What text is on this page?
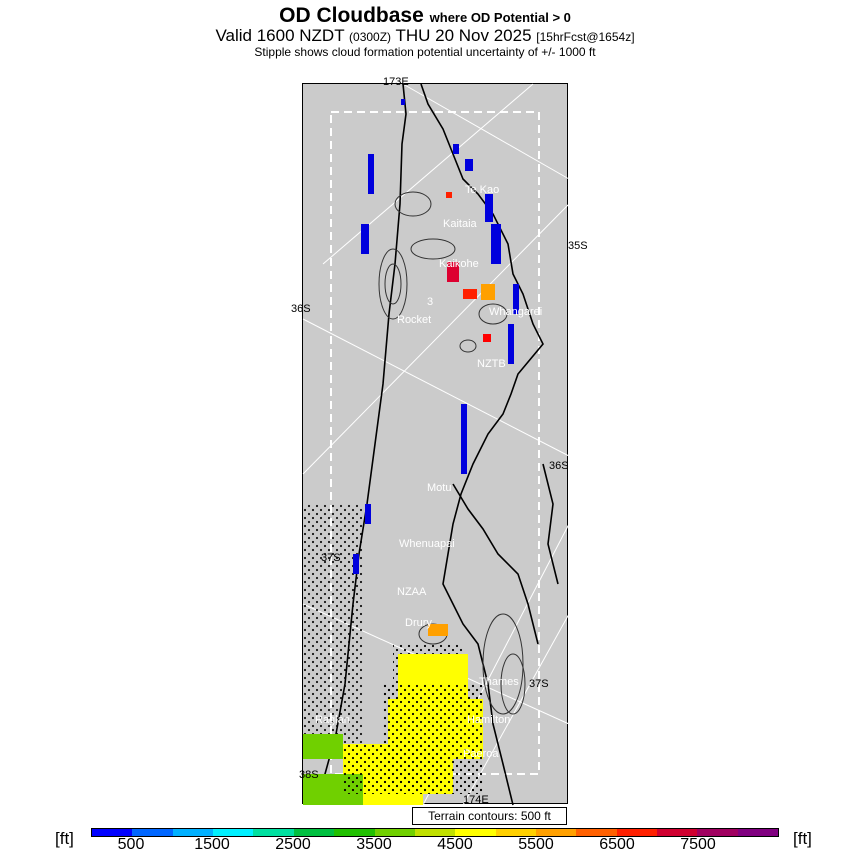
OD Cloudbase where OD Potential > 0
Valid 1600 NZDT (0300Z) THU 20 Nov 2025 [15hrFcst@1654z]
Stipple shows cloud formation potential uncertainty of +/- 1000 ft
173E
35S
36S
36S
37S
37S
38S
174E
Te Kao
Kaitaia
Kaikohe
3
Rocket
Whangarei
NZTB
Motu
Whenuapai
NZAA
Drury
Thames
Raglan	Hamilton
Paeroa
Terrain contours: 500 ft
[ft]	[ft]
500	1500	2500	3500	4500	5500	6500	7500
